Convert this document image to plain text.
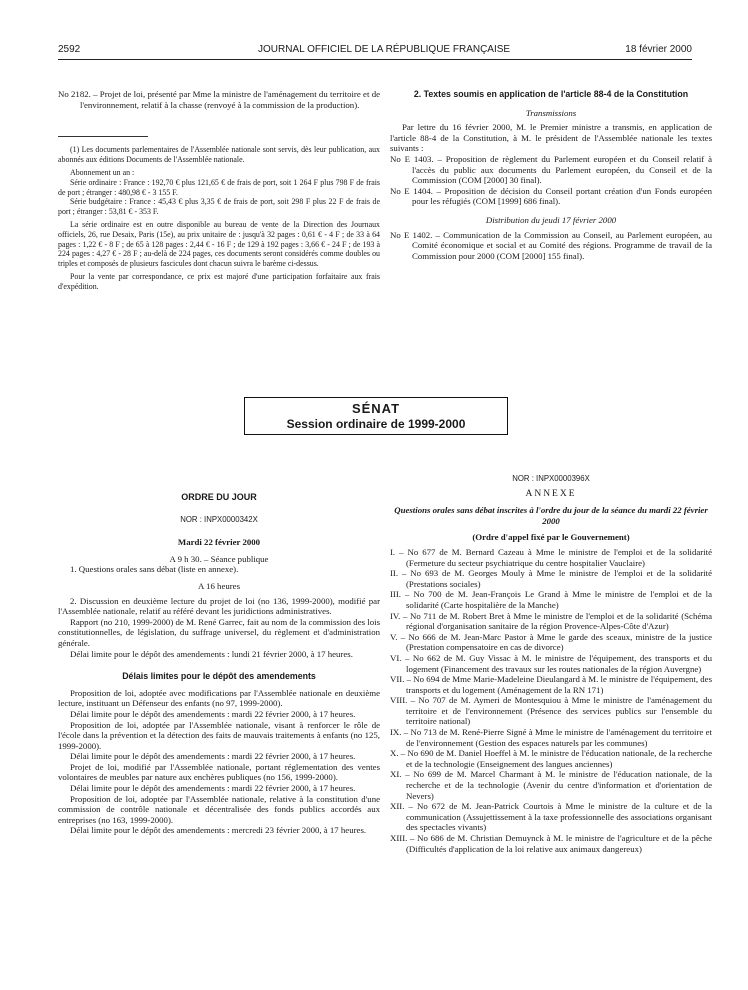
2592	JOURNAL OFFICIEL DE LA RÉPUBLIQUE FRANÇAISE	18 février 2000

No 2182. – Projet de loi, présenté par Mme la ministre de l'aménagement du territoire et de l'environnement, relatif à la chasse (renvoyé à la commission de la production).

(1) Les documents parlementaires de l'Assemblée nationale sont servis, dès leur publication, aux abonnés aux éditions Documents de l'Assemblée nationale.

Abonnement un an :

Série ordinaire : France : 192,70 € plus 121,65 € de frais de port, soit 1 264 F plus 798 F de frais de port ; étranger : 480,98 € - 3 155 F.

Série budgétaire : France : 45,43 € plus 3,35 € de frais de port, soit 298 F plus 22 F de frais de port ; étranger : 53,81 € - 353 F.

La série ordinaire est en outre disponible au bureau de vente de la Direction des Journaux officiels, 26, rue Desaix, Paris (15e), au prix unitaire de : jusqu'à 32 pages : 0,61 € - 4 F ; de 33 à 64 pages : 1,22 € - 8 F ; de 65 à 128 pages : 2,44 € - 16 F ; de 129 à 192 pages : 3,66 € - 24 F ; de 193 à 224 pages : 4,27 € - 28 F ; au-delà de 224 pages, ces documents seront considérés comme doubles ou triples et composés de plusieurs fascicules dont chacun suivra le barème ci-dessus.

Pour la vente par correspondance, ce prix est majoré d'une participation forfaitaire aux frais d'expédition.

2. Textes soumis en application de l'article 88-4 de la Constitution

Transmissions

Par lettre du 16 février 2000, M. le Premier ministre a transmis, en application de l'article 88-4 de la Constitution, à M. le président de l'Assemblée nationale les textes suivants :

No E 1403. – Proposition de règlement du Parlement européen et du Conseil relatif à l'accès du public aux documents du Parlement européen, du Conseil et de la Commission (COM [2000] 30 final).

No E 1404. – Proposition de décision du Conseil portant création d'un Fonds européen pour les réfugiés (COM [1999] 686 final).

Distribution du jeudi 17 février 2000

No E 1402. – Communication de la Commission au Conseil, au Parlement européen, au Comité économique et social et au Comité des régions. Programme de travail de la Commission pour 2000 (COM [2000] 155 final).

SÉNAT
Session ordinaire de 1999-2000

ORDRE DU JOUR

NOR : INPX0000342X

Mardi 22 février 2000

A 9 h 30. – Séance publique

1. Questions orales sans débat (liste en annexe).

A 16 heures

2. Discussion en deuxième lecture du projet de loi (no 136, 1999-2000), modifié par l'Assemblée nationale, relatif au référé devant les juridictions administratives.

Rapport (no 210, 1999-2000) de M. René Garrec, fait au nom de la commission des lois constitutionnelles, de législation, du suffrage universel, du règlement et d'administration générale.

Délai limite pour le dépôt des amendements : lundi 21 février 2000, à 17 heures.

Délais limites pour le dépôt des amendements

Proposition de loi, adoptée avec modifications par l'Assemblée nationale en deuxième lecture, instituant un Défenseur des enfants (no 97, 1999-2000).

Délai limite pour le dépôt des amendements : mardi 22 février 2000, à 17 heures.

Proposition de loi, adoptée par l'Assemblée nationale, visant à renforcer le rôle de l'école dans la prévention et la détection des faits de mauvais traitements à enfants (no 125, 1999-2000).

Délai limite pour le dépôt des amendements : mardi 22 février 2000, à 17 heures.

Projet de loi, modifié par l'Assemblée nationale, portant réglementation des ventes volontaires de meubles par nature aux enchères publiques (no 156, 1999-2000).

Délai limite pour le dépôt des amendements : mardi 22 février 2000, à 17 heures.

Proposition de loi, adoptée par l'Assemblée nationale, relative à la constitution d'une commission de contrôle nationale et décentralisée des fonds publics accordés aux entreprises (no 163, 1999-2000).

Délai limite pour le dépôt des amendements : mercredi 23 février 2000, à 17 heures.

NOR : INPX0000396X

ANNEXE

Questions orales sans débat inscrites à l'ordre du jour de la séance du mardi 22 février 2000

(Ordre d'appel fixé par le Gouvernement)

I. – No 677 de M. Bernard Cazeau à Mme le ministre de l'emploi et de la solidarité (Fermeture du secteur psychiatrique du centre hospitalier Vauclaire)

II. – No 693 de M. Georges Mouly à Mme le ministre de l'emploi et de la solidarité (Prestations sociales)

III. – No 700 de M. Jean-François Le Grand à Mme le ministre de l'emploi et de la solidarité (Carte hospitalière de la Manche)

IV. – No 711 de M. Robert Bret à Mme le ministre de l'emploi et de la solidarité (Schéma régional d'organisation sanitaire de la région Provence-Alpes-Côte d'Azur)

V. – No 666 de M. Jean-Marc Pastor à Mme le garde des sceaux, ministre de la justice (Prestation compensatoire en cas de divorce)

VI. – No 662 de M. Guy Vissac à M. le ministre de l'équipement, des transports et du logement (Financement des travaux sur les routes nationales de la région Auvergne)

VII. – No 694 de Mme Marie-Madeleine Dieulangard à M. le ministre de l'équipement, des transports et du logement (Aménagement de la RN 171)

VIII. – No 707 de M. Aymeri de Montesquiou à Mme le ministre de l'aménagement du territoire et de l'environnement (Présence des services publics sur l'ensemble du territoire national)

IX. – No 713 de M. René-Pierre Signé à Mme le ministre de l'aménagement du territoire et de l'environnement (Gestion des espaces naturels par les communes)

X. – No 690 de M. Daniel Hoeffel à M. le ministre de l'éducation nationale, de la recherche et de la technologie (Enseignement des langues anciennes)

XI. – No 699 de M. Marcel Charmant à M. le ministre de l'éducation nationale, de la recherche et de la technologie (Avenir du centre d'information et d'orientation de Nevers)

XII. – No 672 de M. Jean-Patrick Courtois à Mme le ministre de la culture et de la communication (Assujettissement à la taxe professionnelle des associations organisant des spectacles vivants)

XIII. – No 686 de M. Christian Demuynck à M. le ministre de l'agriculture et de la pêche (Difficultés d'application de la loi relative aux animaux dangereux)
